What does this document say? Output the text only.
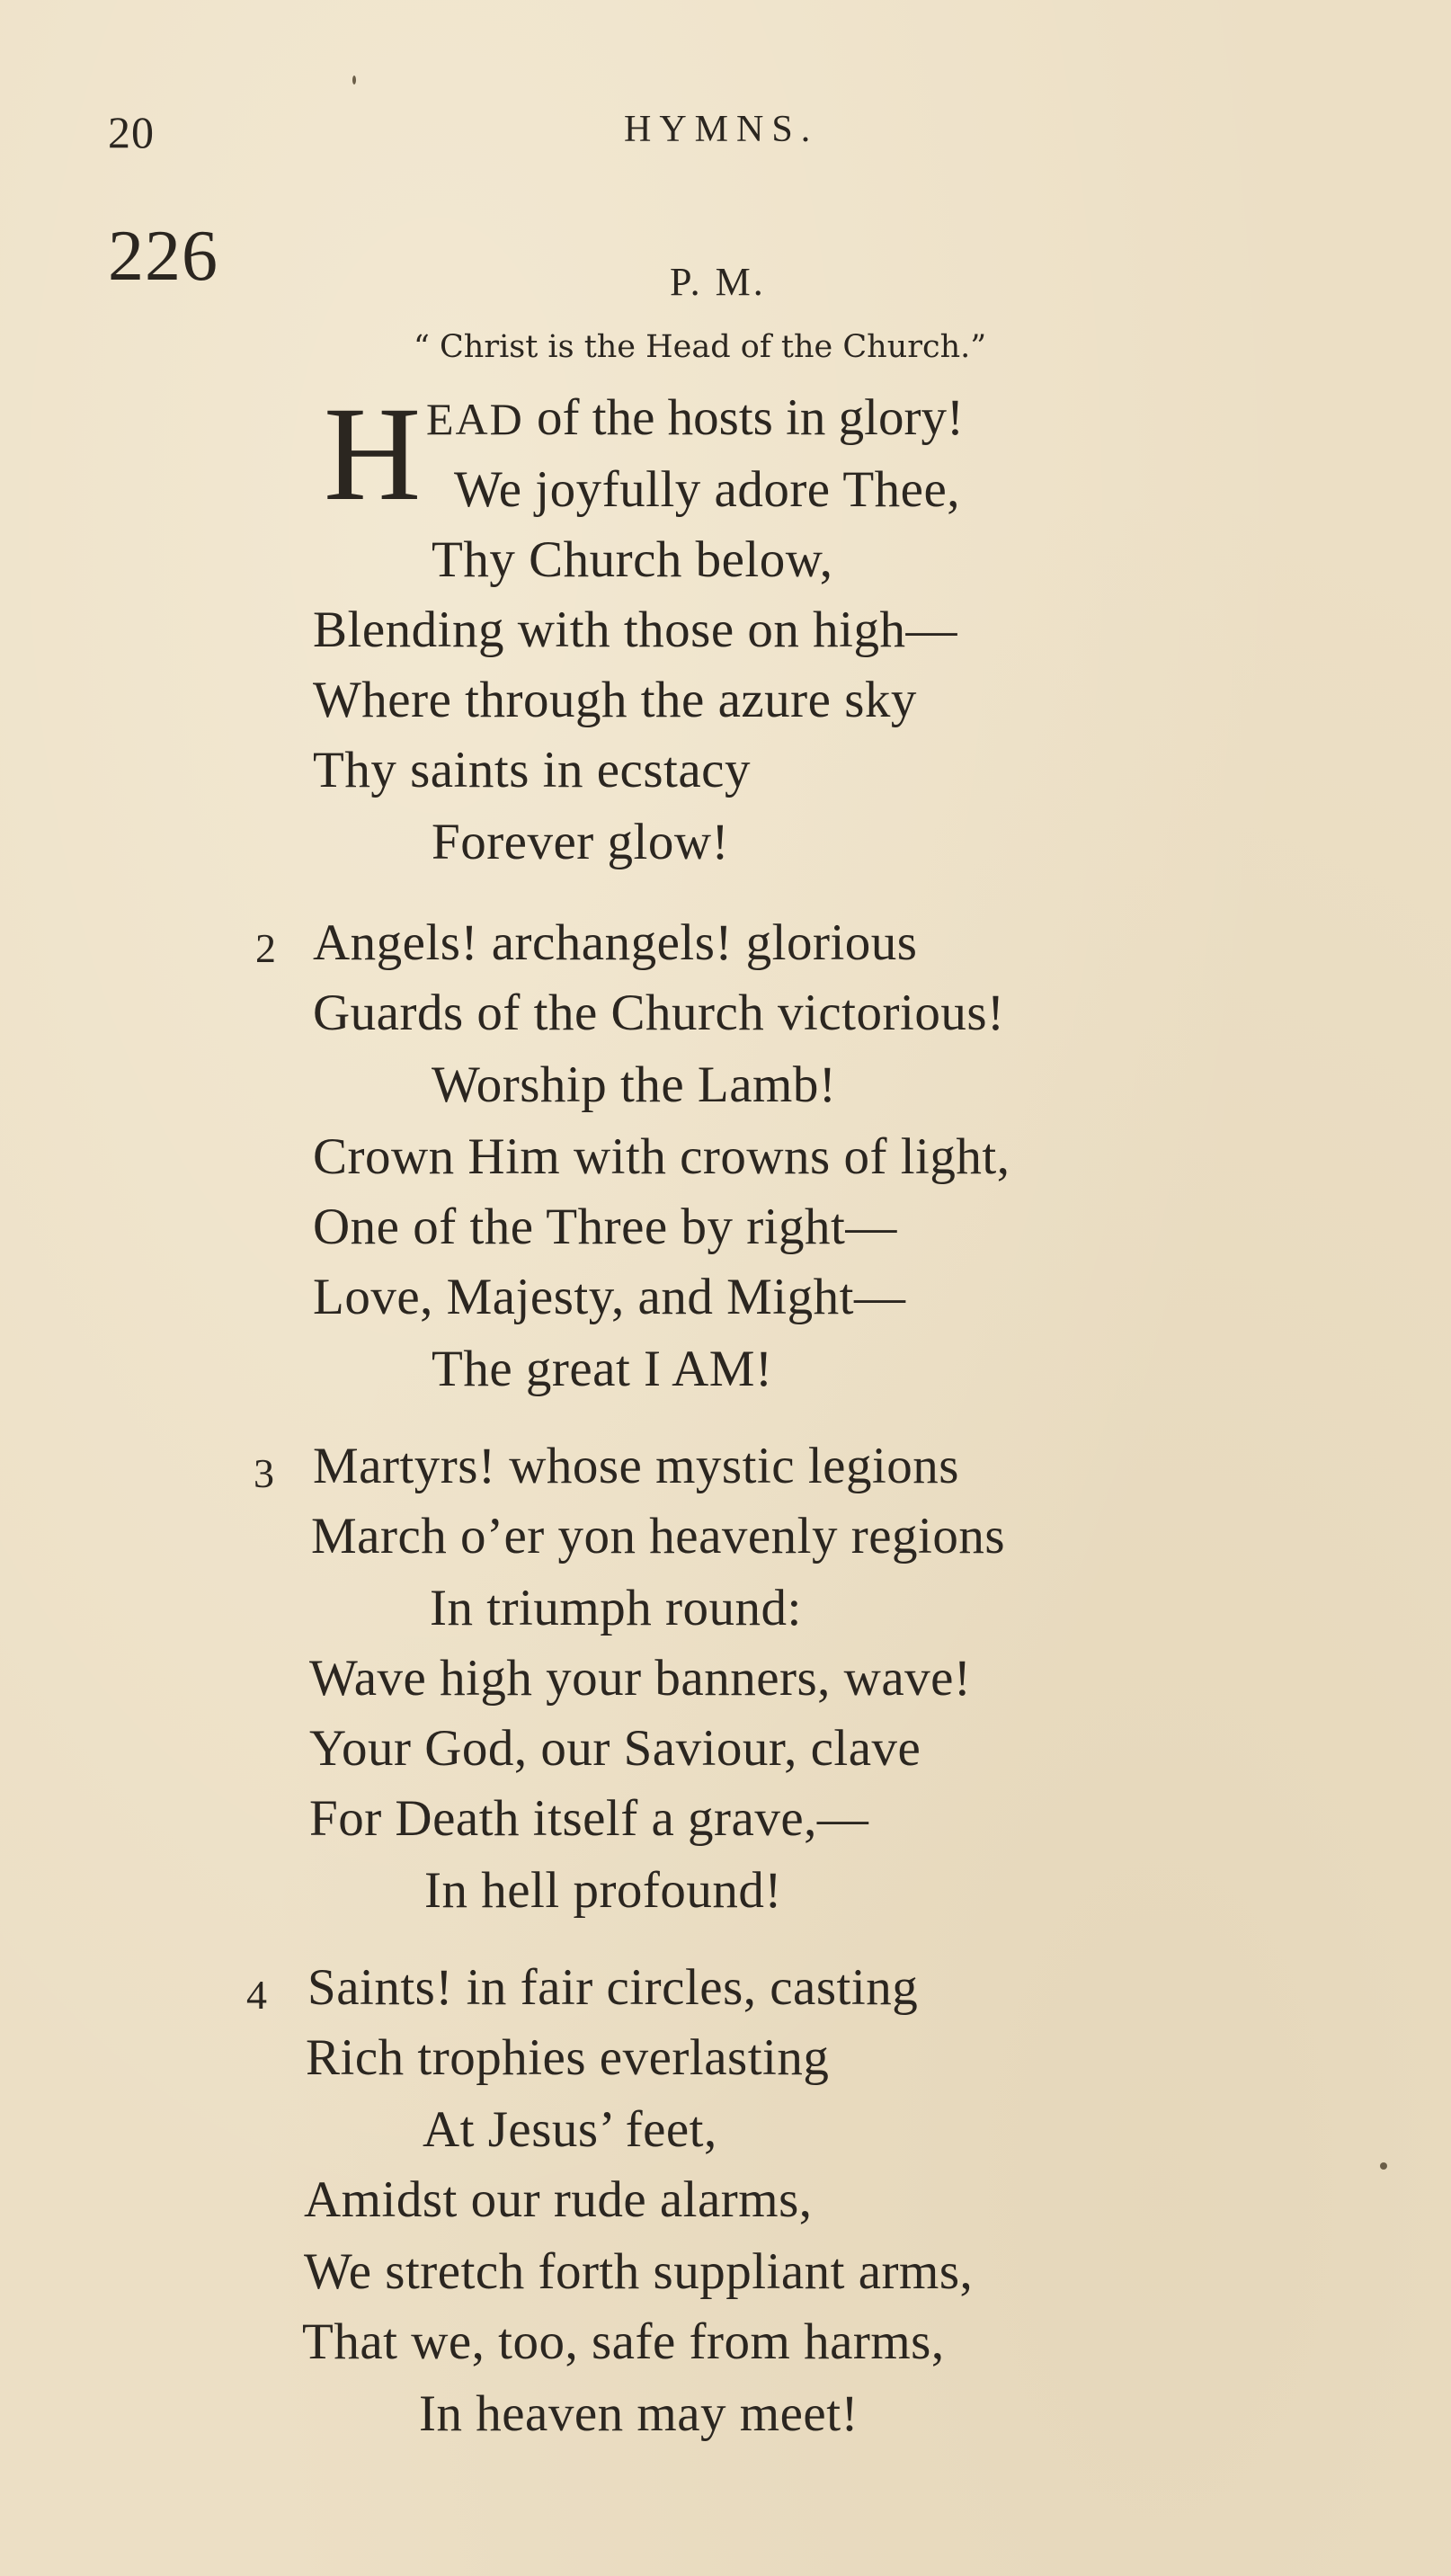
20	HYMNS.
226	P. M.
“ Christ is the Head of the Church.”
H EAD of the hosts in glory!
We joyfully adore Thee,
Thy Church below,
Blending with those on high—
Where through the azure sky
Thy saints in ecstacy
Forever glow!
2 Angels! archangels! glorious
Guards of the Church victorious!
Worship the Lamb!
Crown Him with crowns of light,
One of the Three by right—
Love, Majesty, and Might—
The great I AM!
3 Martyrs! whose mystic legions
March o’er yon heavenly regions
In triumph round:
Wave high your banners, wave!
Your God, our Saviour, clave
For Death itself a grave,—
In hell profound!
4 Saints! in fair circles, casting
Rich trophies everlasting
At Jesus’ feet,
Amidst our rude alarms,
We stretch forth suppliant arms,
That we, too, safe from harms,
In heaven may meet!
